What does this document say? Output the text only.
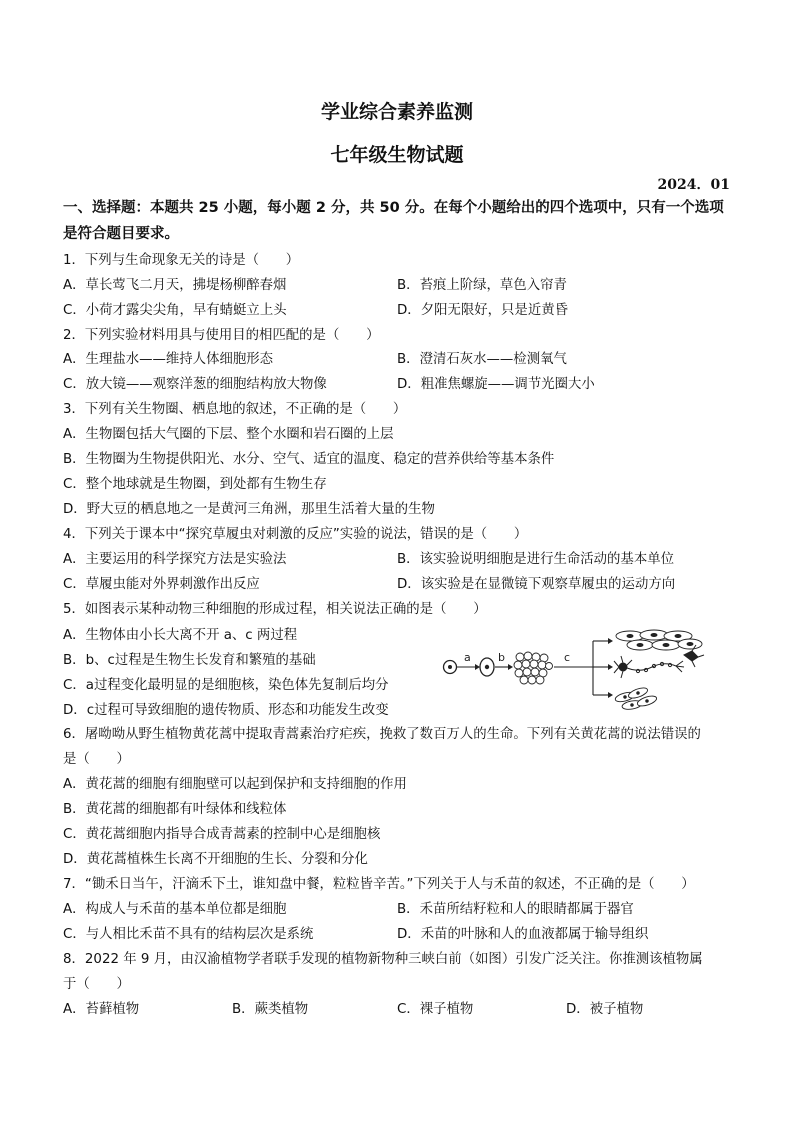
学业综合素养监测
七年级生物试题
2024．01
一、选择题：本题共 25 小题，每小题 2 分，共 50 分。在每个小题给出的四个选项中，只有一个选项是符合题目要求。
1．下列与生命现象无关的诗是（　　）
A．草长莺飞二月天，拂堤杨柳醉春烟	B．苔痕上阶绿，草色入帘青
C．小荷才露尖尖角，早有蜻蜓立上头	D．夕阳无限好，只是近黄昏
2．下列实验材料用具与使用目的相匹配的是（　　）
A．生理盐水——维持人体细胞形态	B．澄清石灰水——检测氧气
C．放大镜——观察洋葱的细胞结构放大物像	D．粗准焦螺旋——调节光圈大小
3．下列有关生物圈、栖息地的叙述，不正确的是（　　）
A．生物圈包括大气圈的下层、整个水圈和岩石圈的上层
B．生物圈为生物提供阳光、水分、空气、适宜的温度、稳定的营养供给等基本条件
C．整个地球就是生物圈，到处都有生物生存
D．野大豆的栖息地之一是黄河三角洲，那里生活着大量的生物
4．下列关于课本中“探究草履虫对刺激的反应”实验的说法，错误的是（　　）
A．主要运用的科学探究方法是实验法	B．该实验说明细胞是进行生命活动的基本单位
C．草履虫能对外界刺激作出反应	D．该实验是在显微镜下观察草履虫的运动方向
5．如图表示某种动物三种细胞的形成过程，相关说法正确的是（　　）
A．生物体由小长大离不开 a、c 两过程
B．b、c过程是生物生长发育和繁殖的基础
C．a过程变化最明显的是细胞核，染色体先复制后均分
D．c过程可导致细胞的遗传物质、形态和功能发生改变
a b	c
6．屠呦呦从野生植物黄花蒿中提取青蒿素治疗疟疾，挽救了数百万人的生命。下列有关黄花蒿的说法错误的
是（　　）
A．黄花蒿的细胞有细胞壁可以起到保护和支持细胞的作用
B．黄花蒿的细胞都有叶绿体和线粒体
C．黄花蒿细胞内指导合成青蒿素的控制中心是细胞核
D．黄花蒿植株生长离不开细胞的生长、分裂和分化
7．“锄禾日当午，汗滴禾下土，谁知盘中餐，粒粒皆辛苦。”下列关于人与禾苗的叙述，不正确的是（　　）
A．构成人与禾苗的基本单位都是细胞	B．禾苗所结籽粒和人的眼睛都属于器官
C．与人相比禾苗不具有的结构层次是系统	D．禾苗的叶脉和人的血液都属于输导组织
8．2022 年 9 月，由汉渝植物学者联手发现的植物新物种三峡白前（如图）引发广泛关注。你推测该植物属
于（　　）
A．苔藓植物	B．蕨类植物	C．裸子植物	D．被子植物
